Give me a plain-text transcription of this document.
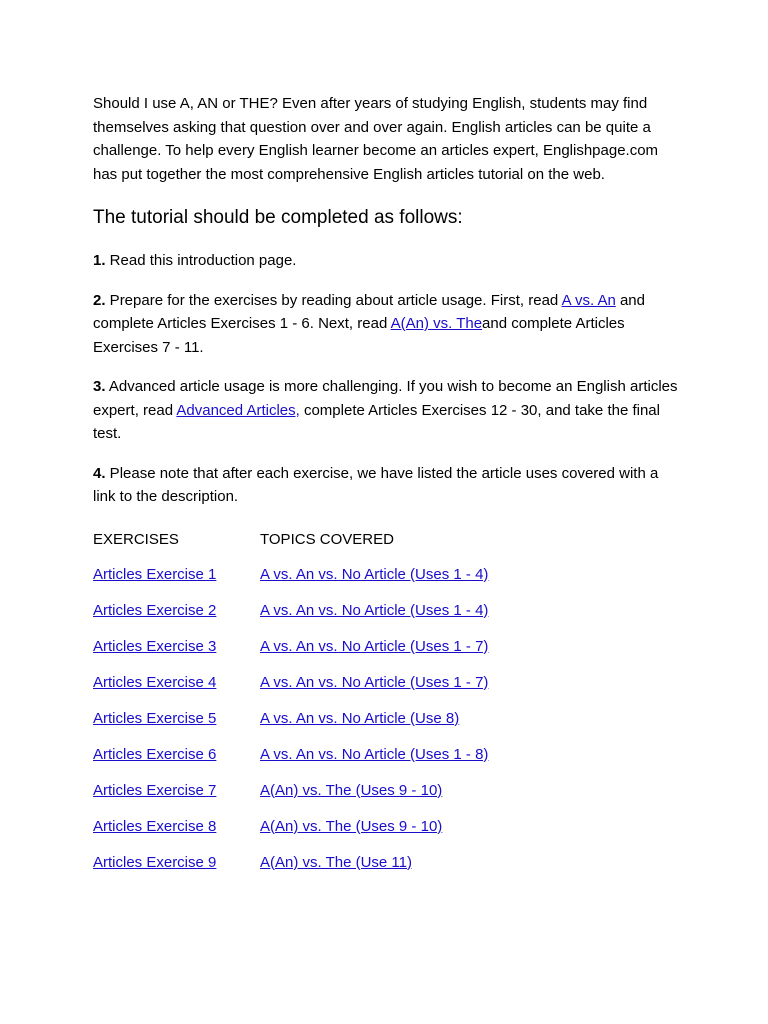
Should I use A, AN or THE? Even after years of studying English, students may find themselves asking that question over and over again. English articles can be quite a challenge. To help every English learner become an articles expert, Englishpage.com has put together the most comprehensive English articles tutorial on the web.

The tutorial should be completed as follows:

1. Read this introduction page.

2. Prepare for the exercises by reading about article usage. First, read A vs. An and complete Articles Exercises 1 - 6. Next, read A(An) vs. Theand complete Articles Exercises 7 - 11.

3. Advanced article usage is more challenging. If you wish to become an English articles expert, read Advanced Articles, complete Articles Exercises 12 - 30, and take the final test.

4. Please note that after each exercise, we have listed the article uses covered with a link to the description.

EXERCISES	TOPICS COVERED
Articles Exercise 1	A vs. An vs. No Article (Uses 1 - 4)
Articles Exercise 2	A vs. An vs. No Article (Uses 1 - 4)
Articles Exercise 3	A vs. An vs. No Article (Uses 1 - 7)
Articles Exercise 4	A vs. An vs. No Article (Uses 1 - 7)
Articles Exercise 5	A vs. An vs. No Article (Use 8)
Articles Exercise 6	A vs. An vs. No Article (Uses 1 - 8)
Articles Exercise 7	A(An) vs. The (Uses 9 - 10)
Articles Exercise 8	A(An) vs. The (Uses 9 - 10)
Articles Exercise 9	A(An) vs. The (Use 11)
